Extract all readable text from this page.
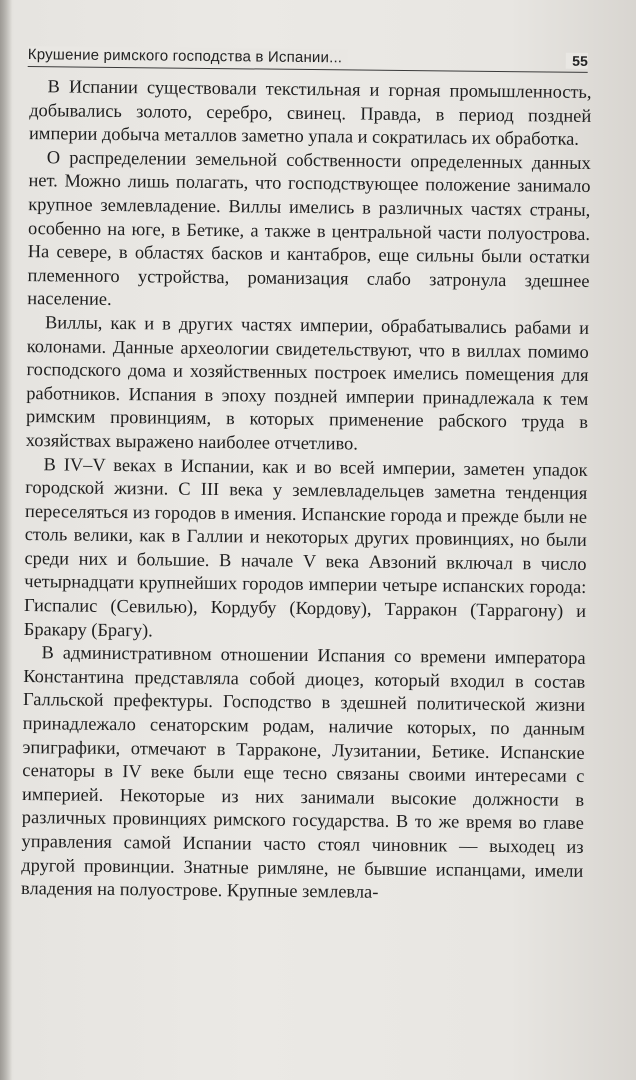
Крушение римского господства в Испании...	55

В Испании существовали текстильная и горная промышленность, добывались золото, серебро, свинец. Правда, в период поздней империи добыча металлов заметно упала и сократилась их обработка.

О распределении земельной собственности определенных данных нет. Можно лишь полагать, что господствующее положение занимало крупное землевладение. Виллы имелись в различных частях страны, особенно на юге, в Бетике, а также в центральной части полуострова. На севере, в областях басков и кантабров, еще сильны были остатки племенного устройства, романизация слабо затронула здешнее население.

Виллы, как и в других частях империи, обрабатывались рабами и колонами. Данные археологии свидетельствуют, что в виллах помимо господского дома и хозяйственных построек имелись помещения для работников. Испания в эпоху поздней империи принадлежала к тем римским провинциям, в которых применение рабского труда в хозяйствах выражено наиболее отчетливо.

В IV–V веках в Испании, как и во всей империи, заметен упадок городской жизни. С III века у землевладельцев заметна тенденция переселяться из городов в имения. Испанские города и прежде были не столь велики, как в Галлии и некоторых других провинциях, но были среди них и большие. В начале V века Авзоний включал в число четырнадцати крупнейших городов империи четыре испанских города: Гиспалис (Севилью), Кордубу (Кордову), Тарракон (Таррагону) и Бракару (Брагу).

В административном отношении Испания со времени императора Константина представляла собой диоцез, который входил в состав Галльской префектуры. Господство в здешней политической жизни принадлежало сенаторским родам, наличие которых, по данным эпиграфики, отмечают в Тарраконе, Лузитании, Бетике. Испанские сенаторы в IV веке были еще тесно связаны своими интересами с империей. Некоторые из них занимали высокие должности в различных провинциях римского государства. В то же время во главе управления самой Испании часто стоял чиновник — выходец из другой провинции. Знатные римляне, не бывшие испанцами, имели владения на полуострове. Крупные землевла-
